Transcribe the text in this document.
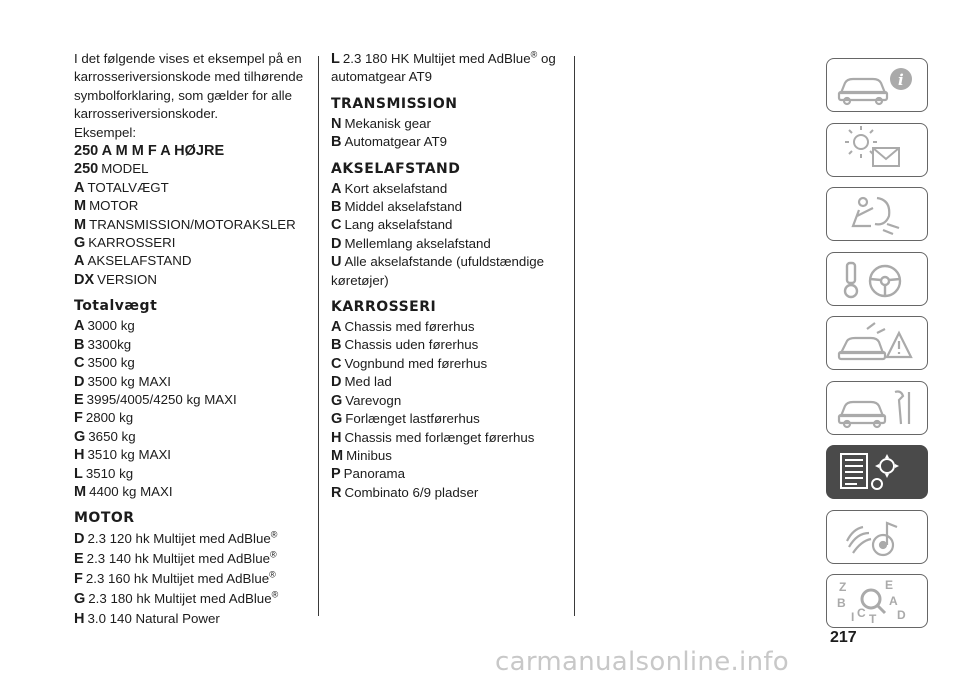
I det følgende vises et eksempel på en karrosseriversionskode med tilhørende symbolforklaring, som gælder for alle karrosseriversionskoder.

Eksempel:

250 A M M F A HØJRE

250 MODEL

A TOTALVÆGT

M MOTOR

M TRANSMISSION/MOTORAKSLER

G KARROSSERI

A AKSELAFSTAND

DX VERSION

Totalvægt

A 3000 kg

B 3300kg

C 3500 kg

D 3500 kg MAXI

E 3995/4005/4250 kg MAXI

F 2800 kg

G 3650 kg

H 3510 kg MAXI

L 3510 kg

M 4400 kg MAXI

MOTOR

D 2.3 120 hk Multijet med AdBlue®

E 2.3 140 hk Multijet med AdBlue®

F 2.3 160 hk Multijet med AdBlue®

G 2.3 180 hk Multijet med AdBlue®

H 3.0 140 Natural Power

L 2.3 180 HK Multijet med AdBlue® og automatgear AT9

TRANSMISSION

N Mekanisk gear

B Automatgear AT9

AKSELAFSTAND

A Kort akselafstand

B Middel akselafstand

C Lang akselafstand

D Mellemlang akselafstand

U Alle akselafstande (ufuldstændige køretøjer)

KARROSSERI

A Chassis med førerhus

B Chassis uden førerhus

C Vognbund med førerhus

D Med lad

G Varevogn

G Forlænget lastførerhus

H Chassis med forlænget førerhus

M Minibus

P Panorama

R Combinato 6/9 pladser

i
Z	E
B	A
I C T D
217
carmanualsonline.info
